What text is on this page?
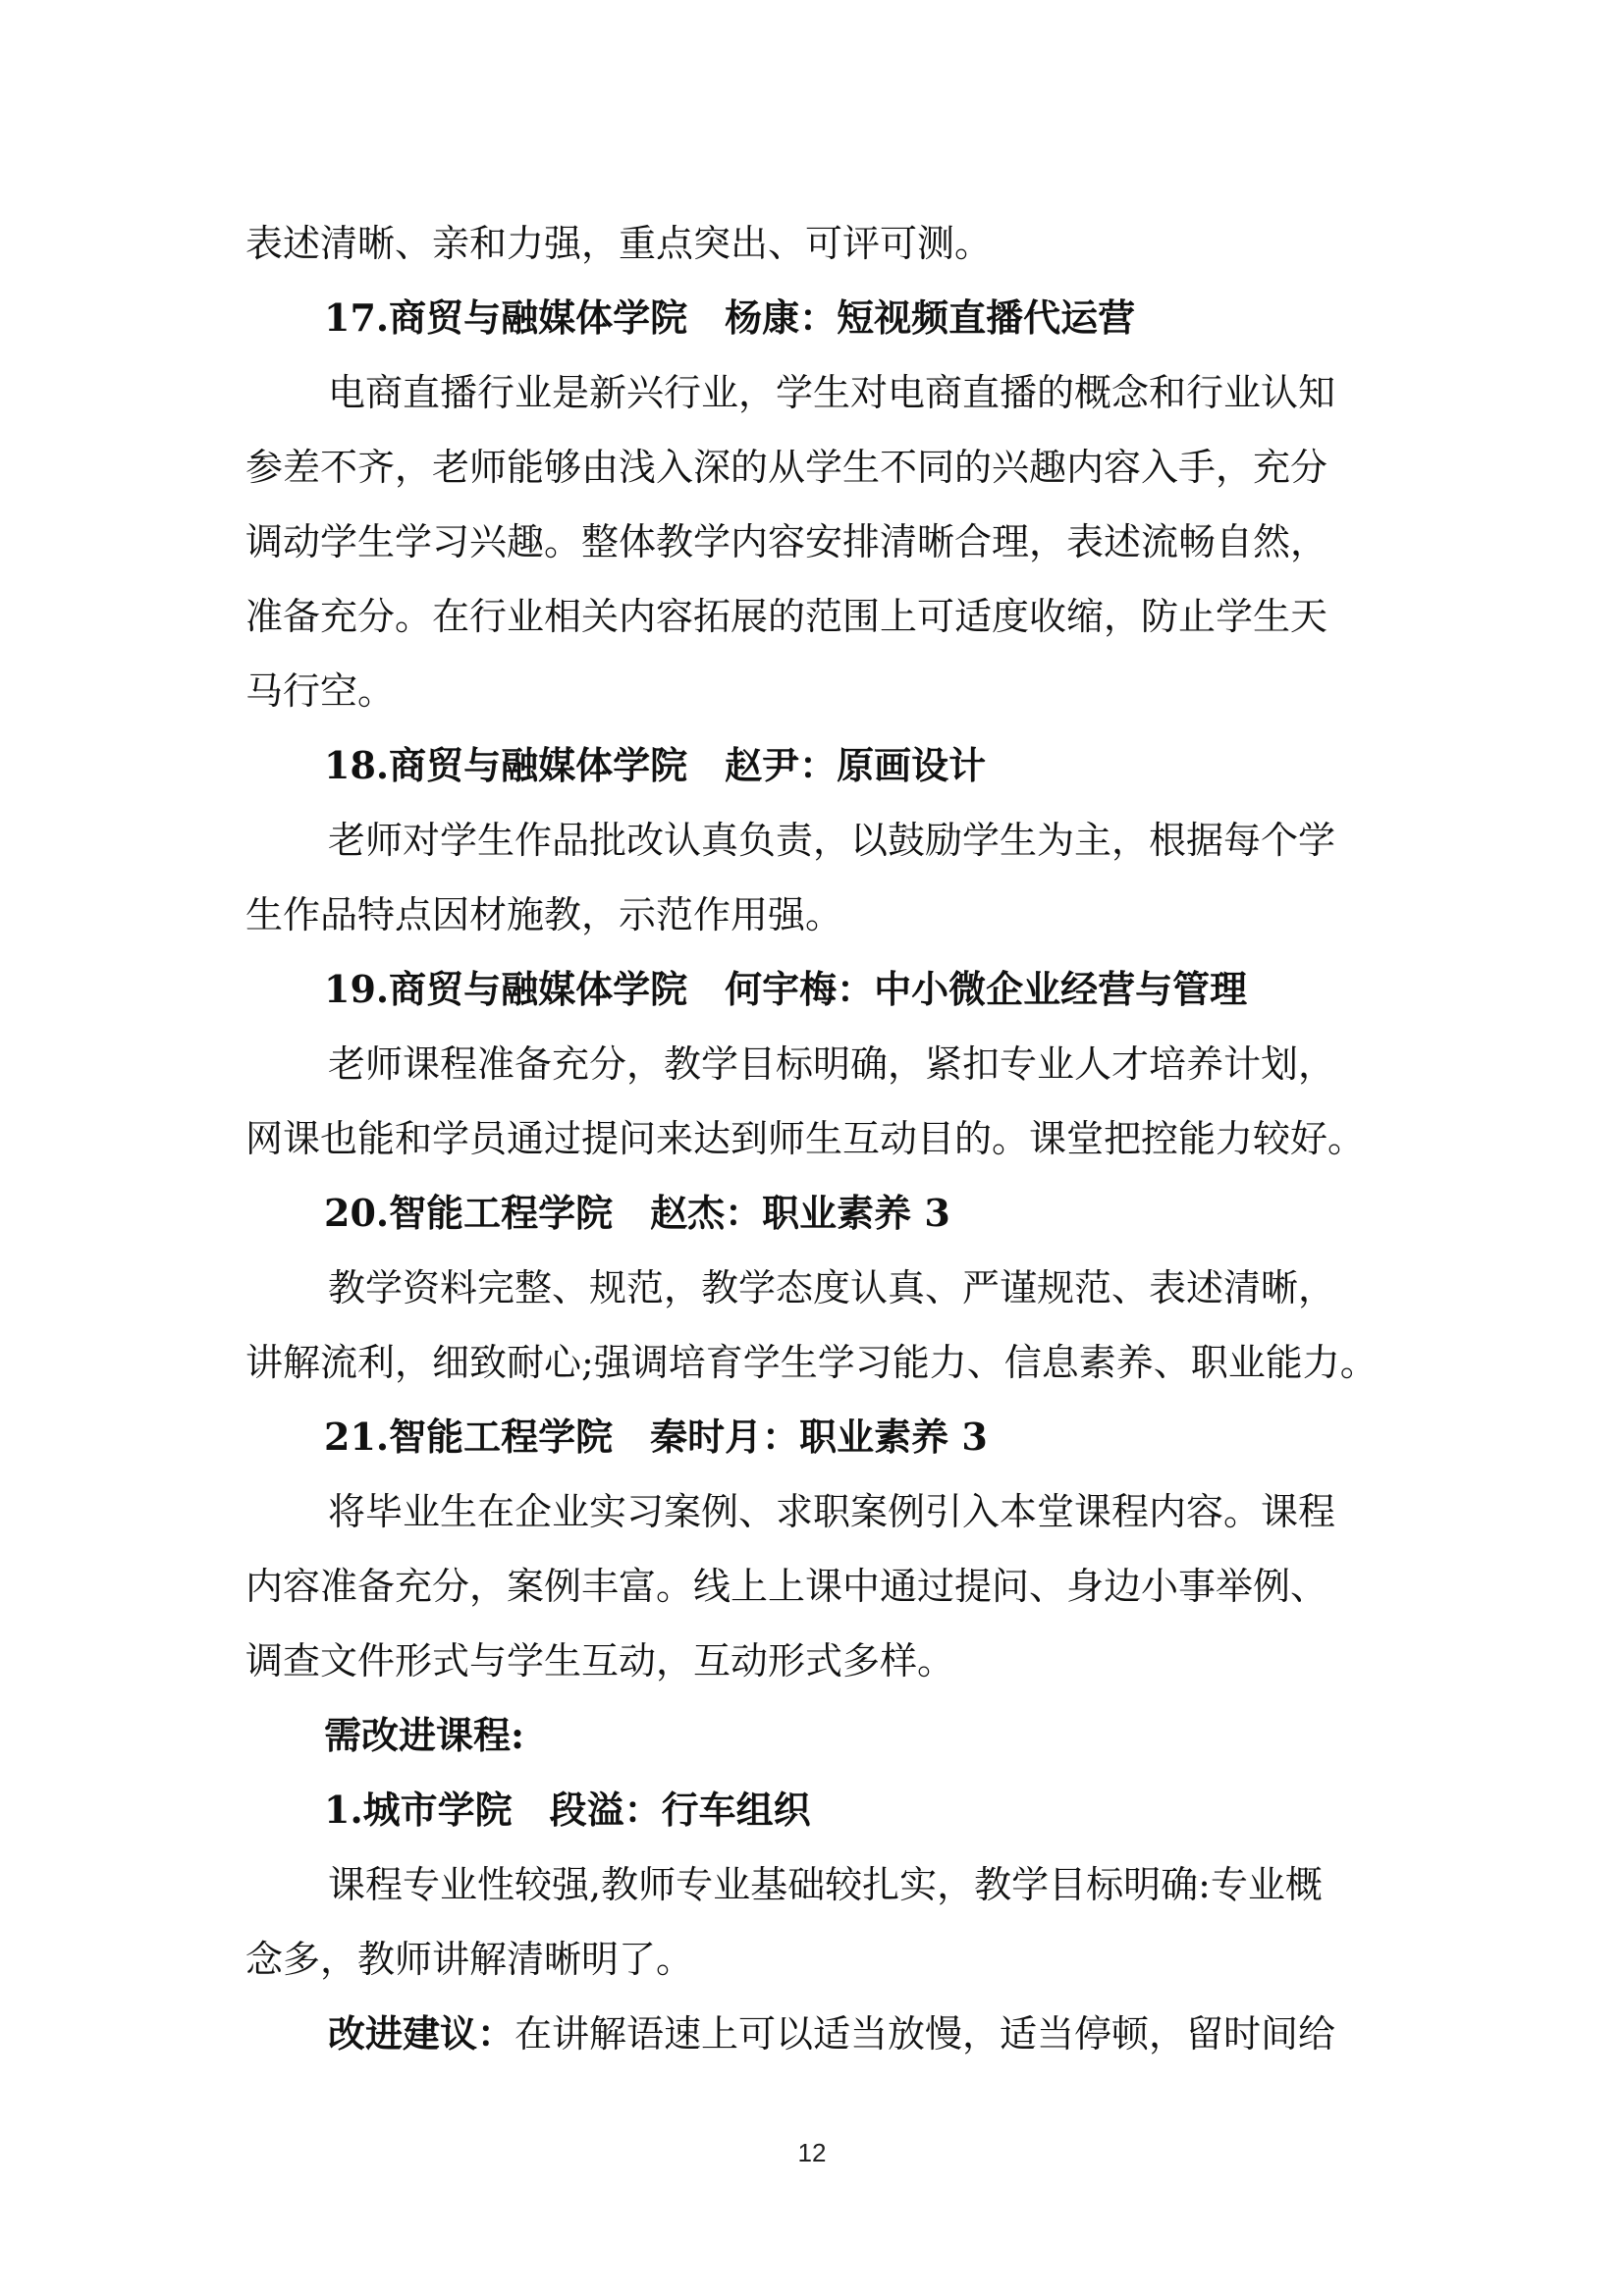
表述清晰、亲和力强，重点突出、可评可测。
17.商贸与融媒体学院　杨康：短视频直播代运营
电商直播行业是新兴行业，学生对电商直播的概念和行业认知
参差不齐，老师能够由浅入深的从学生不同的兴趣内容入手，充分
调动学生学习兴趣。整体教学内容安排清晰合理，表述流畅自然，
准备充分。在行业相关内容拓展的范围上可适度收缩，防止学生天
马行空。
18.商贸与融媒体学院　赵尹：原画设计
老师对学生作品批改认真负责，以鼓励学生为主，根据每个学
生作品特点因材施教，示范作用强。
19.商贸与融媒体学院　何宇梅：中小微企业经营与管理
老师课程准备充分，教学目标明确，紧扣专业人才培养计划，
网课也能和学员通过提问来达到师生互动目的。课堂把控能力较好。
20.智能工程学院　赵杰：职业素养 3
教学资料完整、规范，教学态度认真、严谨规范、表述清晰，
讲解流利，细致耐心;强调培育学生学习能力、信息素养、职业能力。
21.智能工程学院　秦时月：职业素养 3
将毕业生在企业实习案例、求职案例引入本堂课程内容。课程
内容准备充分，案例丰富。线上上课中通过提问、身边小事举例、
调查文件形式与学生互动，互动形式多样。
需改进课程:
1.城市学院　段溢：行车组织
课程专业性较强,教师专业基础较扎实，教学目标明确:专业概
念多，教师讲解清晰明了。
改进建议：在讲解语速上可以适当放慢，适当停顿，留时间给
12
